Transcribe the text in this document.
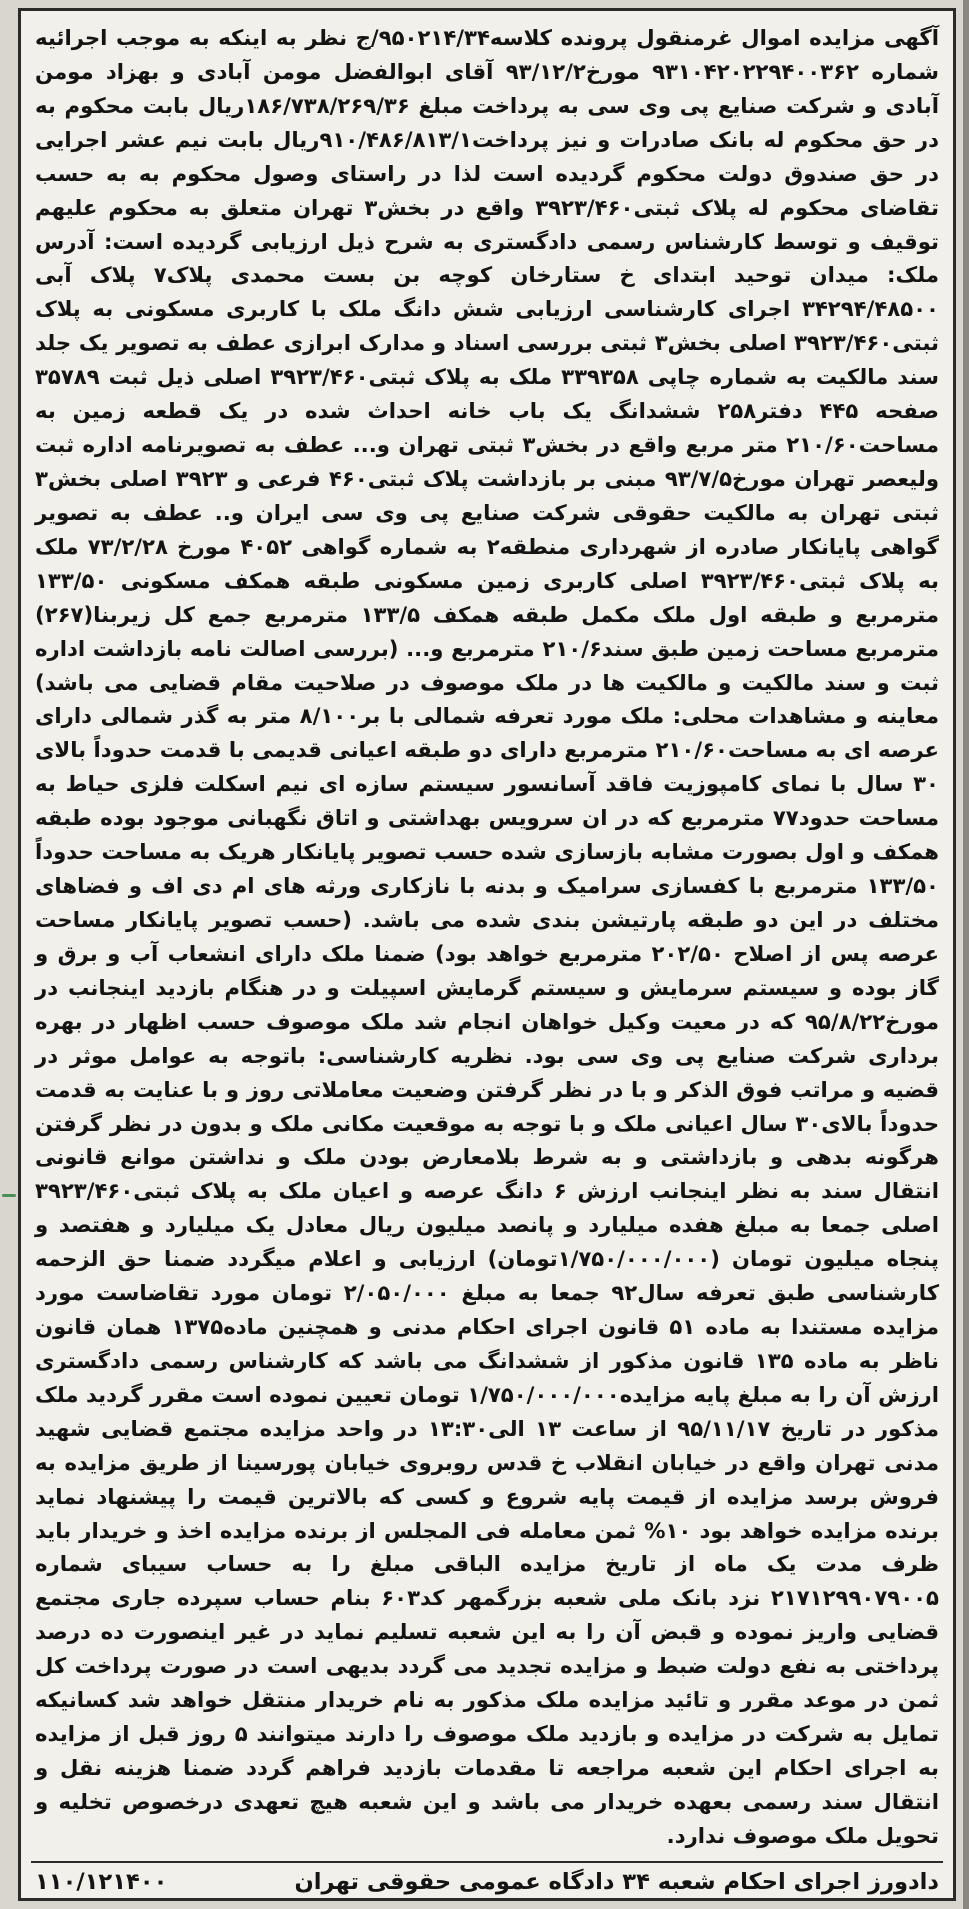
آگهی مزایده اموال غرمنقول پرونده کلاسه۹۵۰۲۱۴/۳۴/ج نظر به اینکه به موجب اجرائیه شماره ۹۳۱۰۴۲۰۲۲۹۴۰۰۳۶۲ مورخ۹۳/۱۲/۲ آقای ابوالفضل مومن آبادی و بهزاد مومن آبادی و شرکت صنایع پی وی سی به پرداخت مبلغ ۱۸۶/۷۳۸/۲۶۹/۳۶ریال بابت محکوم به در حق محکوم له بانک صادرات و نیز پرداخت۹۱۰/۴۸۶/۸۱۳/۱ریال بابت نیم عشر اجرایی در حق صندوق دولت محکوم گردیده است لذا در راستای وصول محکوم به به حسب تقاضای محکوم له پلاک ثبتی۳۹۲۳/۴۶۰ واقع در بخش۳ تهران متعلق به محکوم علیهم توقیف و توسط کارشناس رسمی دادگستری به شرح ذیل ارزیابی گردیده است: آدرس ملک: میدان توحید ابتدای خ ستارخان کوچه بن بست محمدی پلاک۷ پلاک آبی ۳۴۲۹۴/۴۸۵۰۰ اجرای کارشناسی ارزیابی شش دانگ ملک با کاربری مسکونی به پلاک ثبتی۳۹۲۳/۴۶۰ اصلی بخش۳ ثبتی بررسی اسناد و مدارک ابرازی عطف به تصویر یک جلد سند مالکیت به شماره چاپی ۳۳۹۳۵۸ ملک به پلاک ثبتی۳۹۲۳/۴۶۰ اصلی ذیل ثبت ۳۵۷۸۹ صفحه ۴۴۵ دفتر۲۵۸ ششدانگ یک باب خانه احداث شده در یک قطعه زمین به مساحت۲۱۰/۶۰ متر مربع واقع در بخش۳ ثبتی تهران و... عطف به تصویرنامه اداره ثبت ولیعصر تهران مورخ۹۳/۷/۵ مبنی بر بازداشت پلاک ثبتی۴۶۰ فرعی و ۳۹۲۳ اصلی بخش۳ ثبتی تهران به مالکیت حقوقی شرکت صنایع پی وی سی ایران و.. عطف به تصویر گواهی پایانکار صادره از شهرداری منطقه۲ به شماره گواهی ۴۰۵۲ مورخ ۷۳/۲/۲۸ ملک به پلاک ثبتی۳۹۲۳/۴۶۰ اصلی کاربری زمین مسکونی طبقه همکف مسکونی ۱۳۳/۵۰ مترمربع و طبقه اول ملک مکمل طبقه همکف ۱۳۳/۵ مترمربع جمع کل زیربنا(۲۶۷) مترمربع مساحت زمین طبق سند۲۱۰/۶ مترمربع و... (بررسی اصالت نامه بازداشت اداره ثبت و سند مالکیت و مالکیت ها در ملک موصوف در صلاحیت مقام قضایی می باشد) معاینه و مشاهدات محلی: ملک مورد تعرفه شمالی با بر۸/۱۰۰ متر به گذر شمالی دارای عرصه ای به مساحت۲۱۰/۶۰ مترمربع دارای دو طبقه اعیانی قدیمی با قدمت حدوداً بالای ۳۰ سال با نمای کامپوزیت فاقد آسانسور سیستم سازه ای نیم اسکلت فلزی حیاط به مساحت حدود۷۷ مترمربع که در ان سرویس بهداشتی و اتاق نگهبانی موجود بوده طبقه همکف و اول بصورت مشابه بازسازی شده حسب تصویر پایانکار هریک به مساحت حدوداً ۱۳۳/۵۰ مترمربع با کفسازی سرامیک و بدنه با نازکاری ورثه های ام دی اف و فضاهای مختلف در این دو طبقه پارتیشن بندی شده می باشد. (حسب تصویر پایانکار مساحت عرصه پس از اصلاح ۲۰۲/۵۰ مترمربع خواهد بود) ضمنا ملک دارای انشعاب آب و برق و گاز بوده و سیستم سرمایش و سیستم گرمایش اسپیلت و در هنگام بازدید اینجانب در مورخ۹۵/۸/۲۲ که در معیت وکیل خواهان انجام شد ملک موصوف حسب اظهار در بهره برداری شرکت صنایع پی وی سی بود. نظریه کارشناسی: باتوجه به عوامل موثر در قضیه و مراتب فوق الذکر و با در نظر گرفتن وضعیت معاملاتی روز و با عنایت به قدمت حدوداً بالای۳۰ سال اعیانی ملک و با توجه به موقعیت مکانی ملک و بدون در نظر گرفتن هرگونه بدهی و بازداشتی و به شرط بلامعارض بودن ملک و نداشتن موانع قانونی انتقال سند به نظر اینجانب ارزش ۶ دانگ عرصه و اعیان ملک به پلاک ثبتی۳۹۲۳/۴۶۰ اصلی جمعا به مبلغ هفده میلیارد و پانصد میلیون ریال معادل یک میلیارد و هفتصد و پنجاه میلیون تومان (۱/۷۵۰/۰۰۰/۰۰۰تومان) ارزیابی و اعلام میگردد ضمنا حق الزحمه کارشناسی طبق تعرفه سال۹۲ جمعا به مبلغ ۲/۰۵۰/۰۰۰ تومان مورد تقاضاست مورد مزایده مستندا به ماده ۵۱ قانون اجرای احکام مدنی و همچنین ماده۱۳۷۵ همان قانون ناظر به ماده ۱۳۵ قانون مذکور از ششدانگ می باشد که کارشناس رسمی دادگستری ارزش آن را به مبلغ پایه مزایده۱/۷۵۰/۰۰۰/۰۰۰ تومان تعیین نموده است مقرر گردید ملک مذکور در تاریخ ۹۵/۱۱/۱۷ از ساعت ۱۳ الی۱۳:۳۰ در واحد مزایده مجتمع قضایی شهید مدنی تهران واقع در خیابان انقلاب خ قدس روبروی خیابان پورسینا از طریق مزایده به فروش برسد مزایده از قیمت پایه شروع و کسی که بالاترین قیمت را پیشنهاد نماید برنده مزایده خواهد بود ۱۰% ثمن معامله فی المجلس از برنده مزایده اخذ و خریدار باید ظرف مدت یک ماه از تاریخ مزایده الباقی مبلغ را به حساب سیبای شماره ۲۱۷۱۲۹۹۰۷۹۰۰۵ نزد بانک ملی شعبه بزرگمهر کد۶۰۳ بنام حساب سپرده جاری مجتمع قضایی واریز نموده و قبض آن را به این شعبه تسلیم نماید در غیر اینصورت ده درصد پرداختی به نفع دولت ضبط و مزایده تجدید می گردد بدیهی است در صورت پرداخت کل ثمن در موعد مقرر و تائید مزایده ملک مذکور به نام خریدار منتقل خواهد شد کسانیکه تمایل به شرکت در مزایده و بازدید ملک موصوف را دارند میتوانند ۵ روز قبل از مزایده به اجرای احکام این شعبه مراجعه تا مقدمات بازدید فراهم گردد ضمنا هزینه نقل و انتقال سند رسمی بعهده خریدار می باشد و این شعبه هیچ تعهدی درخصوص تخلیه و تحویل ملک موصوف ندارد.
۱۱۰/۱۲۱۴۰۰	دادورز اجرای احکام شعبه ۳۴ دادگاه عمومی حقوقی تهران
